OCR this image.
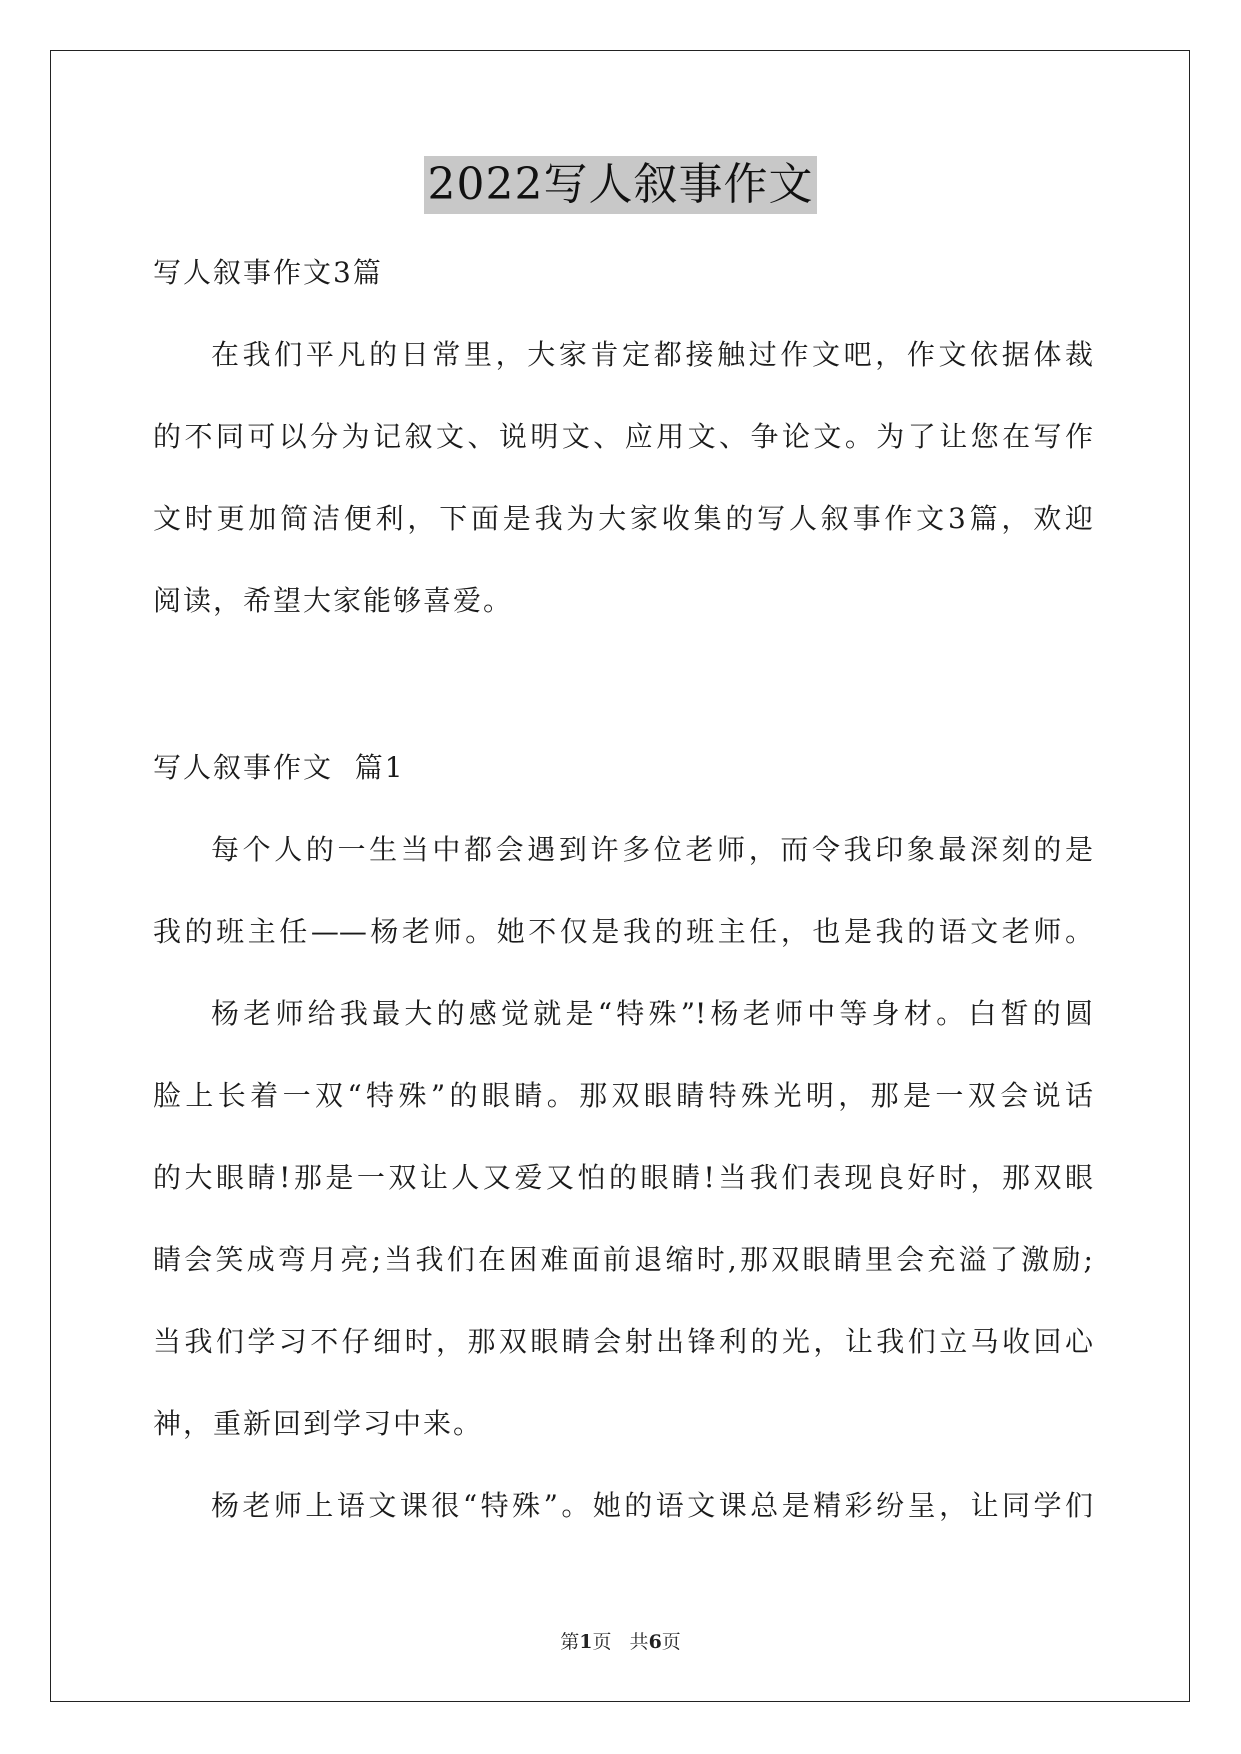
2022写人叙事作文
写人叙事作文3篇
在我们平凡的日常里，大家肯定都接触过作文吧，作文依据体裁
的不同可以分为记叙文、说明文、应用文、争论文。为了让您在写作
文时更加简洁便利，下面是我为大家收集的写人叙事作文3篇，欢迎
阅读，希望大家能够喜爱。
写人叙事作文  篇1
每个人的一生当中都会遇到许多位老师，而令我印象最深刻的是
我的班主任——杨老师。她不仅是我的班主任，也是我的语文老师。
杨老师给我最大的感觉就是“特殊”!杨老师中等身材。白皙的圆
脸上长着一双“特殊”的眼睛。那双眼睛特殊光明，那是一双会说话
的大眼睛!那是一双让人又爱又怕的眼睛!当我们表现良好时，那双眼
睛会笑成弯月亮;当我们在困难面前退缩时,那双眼睛里会充溢了激励;
当我们学习不仔细时，那双眼睛会射出锋利的光，让我们立马收回心
神，重新回到学习中来。
杨老师上语文课很“特殊”。她的语文课总是精彩纷呈，让同学们
第1页   共6页
